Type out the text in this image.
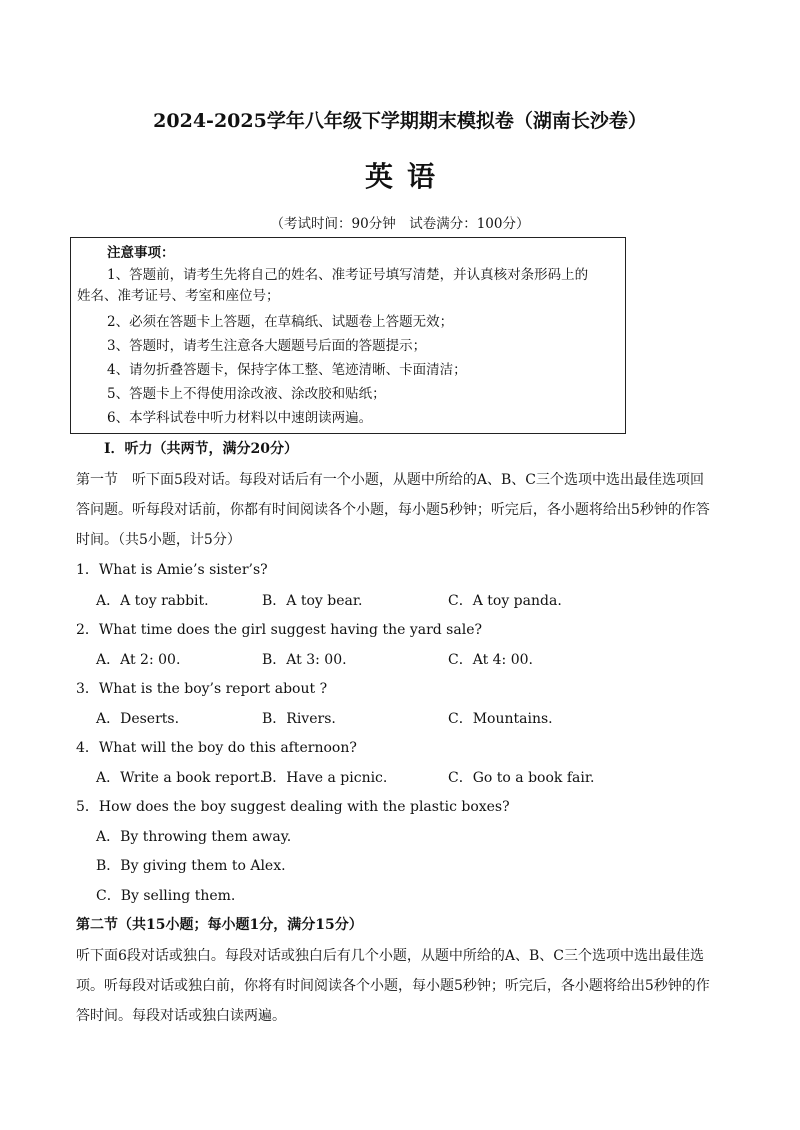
2024-2025学年八年级下学期期末模拟卷（湖南长沙卷）
英语
（考试时间：90分钟　试卷满分：100分）
注意事项：
1、答题前，请考生先将自己的姓名、准考证号填写清楚，并认真核对条形码上的
姓名、准考证号、考室和座位号；
2、必须在答题卡上答题，在草稿纸、试题卷上答题无效；
3、答题时，请考生注意各大题题号后面的答题提示；
4、请勿折叠答题卡，保持字体工整、笔迹清晰、卡面清洁；
5、答题卡上不得使用涂改液、涂改胶和贴纸；
6、本学科试卷中听力材料以中速朗读两遍。
I．听力（共两节，满分20分）
第一节　听下面5段对话。每段对话后有一个小题，从题中所给的A、B、C三个选项中选出最佳选项回
答问题。听每段对话前，你都有时间阅读各个小题，每小题5秒钟；听完后，各小题将给出5秒钟的作答
时间。（共5小题，计5分）
1．What is Amie’s sister’s?
A．A toy rabbit.	B．A toy bear.	C．A toy panda.
2．What time does the girl suggest having the yard sale?
A．At 2: 00.	B．At 3: 00.	C．At 4: 00.
3．What is the boy’s report about ?
A．Deserts.	B．Rivers.	C．Mountains.
4．What will the boy do this afternoon?
A．Write a book report.
B．Have a picnic.	C．Go to a book fair.
5．How does the boy suggest dealing with the plastic boxes?
A．By throwing them away.
B．By giving them to Alex.
C．By selling them.
第二节（共15小题；每小题1分，满分15分）
听下面6段对话或独白。每段对话或独白后有几个小题，从题中所给的A、B、C三个选项中选出最佳选
项。听每段对话或独白前，你将有时间阅读各个小题，每小题5秒钟；听完后，各小题将给出5秒钟的作
答时间。每段对话或独白读两遍。
